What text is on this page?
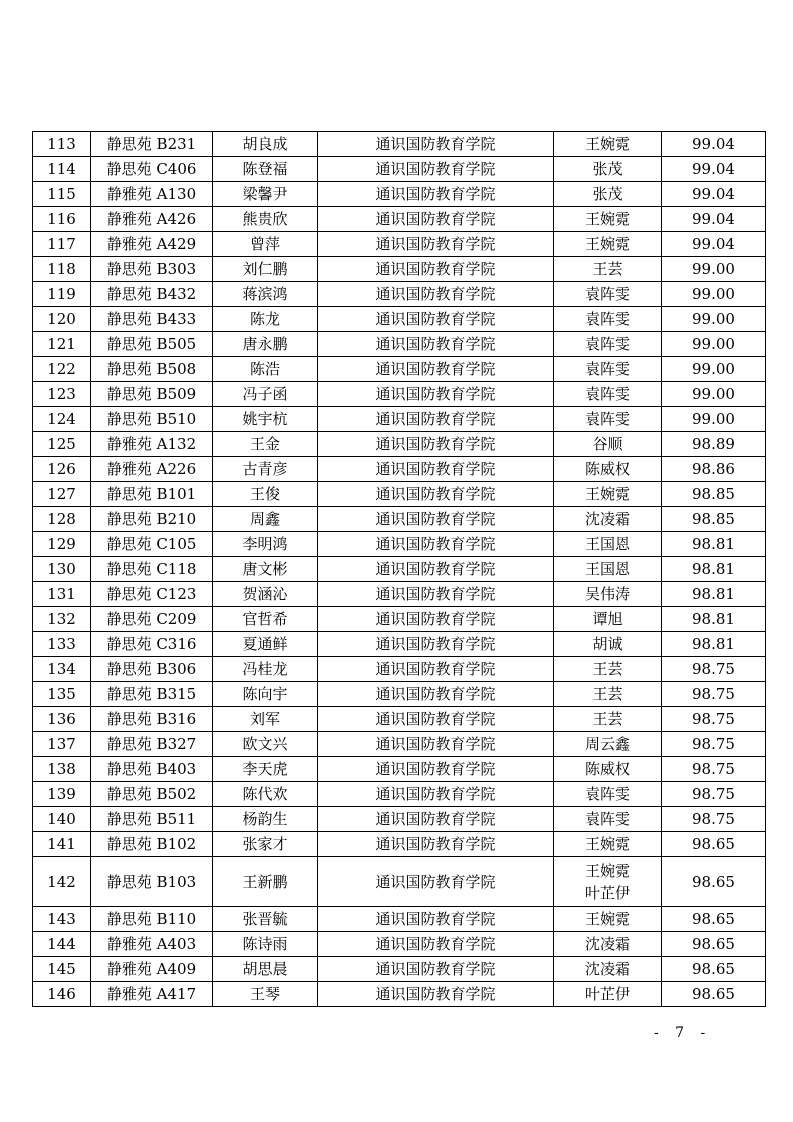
113	静思苑 B231	胡良成	通识国防教育学院	王婉霓	99.04
114	静思苑 C406	陈登福	通识国防教育学院	张茂	99.04
115	静雅苑 A130	梁馨尹	通识国防教育学院	张茂	99.04
116	静雅苑 A426	熊贵欣	通识国防教育学院	王婉霓	99.04
117	静雅苑 A429	曾萍	通识国防教育学院	王婉霓	99.04
118	静思苑 B303	刘仁鹏	通识国防教育学院	王芸	99.00
119	静思苑 B432	蒋滨鸿	通识国防教育学院	袁阵雯	99.00
120	静思苑 B433	陈龙	通识国防教育学院	袁阵雯	99.00
121	静思苑 B505	唐永鹏	通识国防教育学院	袁阵雯	99.00
122	静思苑 B508	陈浩	通识国防教育学院	袁阵雯	99.00
123	静思苑 B509	冯子函	通识国防教育学院	袁阵雯	99.00
124	静思苑 B510	姚宇杭	通识国防教育学院	袁阵雯	99.00
125	静雅苑 A132	王金	通识国防教育学院	谷顺	98.89
126	静雅苑 A226	古青彦	通识国防教育学院	陈威权	98.86
127	静思苑 B101	王俊	通识国防教育学院	王婉霓	98.85
128	静思苑 B210	周鑫	通识国防教育学院	沈凌霜	98.85
129	静思苑 C105	李明鸿	通识国防教育学院	王国恩	98.81
130	静思苑 C118	唐文彬	通识国防教育学院	王国恩	98.81
131	静思苑 C123	贺涵沁	通识国防教育学院	吴伟涛	98.81
132	静思苑 C209	官哲希	通识国防教育学院	谭旭	98.81
133	静思苑 C316	夏通鲜	通识国防教育学院	胡诚	98.81
134	静思苑 B306	冯桂龙	通识国防教育学院	王芸	98.75
135	静思苑 B315	陈向宇	通识国防教育学院	王芸	98.75
136	静思苑 B316	刘军	通识国防教育学院	王芸	98.75
137	静思苑 B327	欧文兴	通识国防教育学院	周云鑫	98.75
138	静思苑 B403	李天虎	通识国防教育学院	陈威权	98.75
139	静思苑 B502	陈代欢	通识国防教育学院	袁阵雯	98.75
140	静思苑 B511	杨韵生	通识国防教育学院	袁阵雯	98.75
141	静思苑 B102	张家才	通识国防教育学院	王婉霓	98.65
142	静思苑 B103	王新鹏	通识国防教育学院	王婉霓
叶芷伊	98.65
143	静思苑 B110	张晋毓	通识国防教育学院	王婉霓	98.65
144	静雅苑 A403	陈诗雨	通识国防教育学院	沈凌霜	98.65
145	静雅苑 A409	胡思晨	通识国防教育学院	沈凌霜	98.65
146	静雅苑 A417	王琴	通识国防教育学院	叶芷伊	98.65
- 7 -
